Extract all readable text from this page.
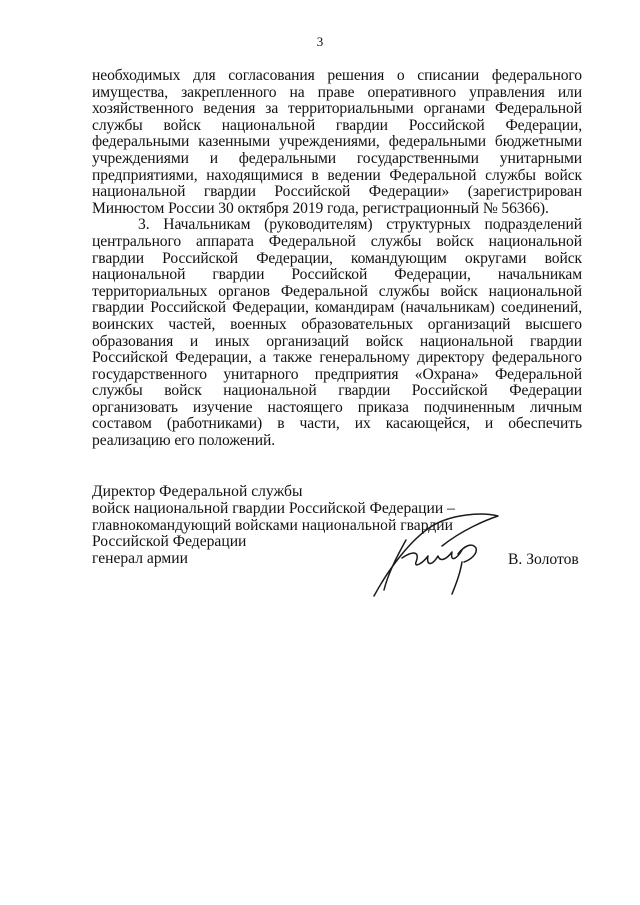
3

необходимых для согласования решения о списании федерального имущества, закрепленного на праве оперативного управления или хозяйственного ведения за территориальными органами Федеральной службы войск национальной гвардии Российской Федерации, федеральными казенными учреждениями, федеральными бюджетными учреждениями и федеральными государственными унитарными предприятиями, находящимися в ведении Федеральной службы войск национальной гвардии Российской Федерации» (зарегистрирован Минюстом России 30 октября 2019 года, регистрационный № 56366).

3. Начальникам (руководителям) структурных подразделений центрального аппарата Федеральной службы войск национальной гвардии Российской Федерации, командующим округами войск национальной гвардии Российской Федерации, начальникам территориальных органов Федеральной службы войск национальной гвардии Российской Федерации, командирам (начальникам) соединений, воинских частей, военных образовательных организаций высшего образования и иных организаций войск национальной гвардии Российской Федерации, а также генеральному директору федерального государственного унитарного предприятия «Охрана» Федеральной службы войск национальной гвардии Российской Федерации организовать изучение настоящего приказа подчиненным личным составом (работниками) в части, их касающейся, и обеспечить реализацию его положений.

Директор Федеральной службы
войск национальной гвардии Российской Федерации –
главнокомандующий войсками национальной гвардии
Российской Федерации
генерал армии	В. Золотов
